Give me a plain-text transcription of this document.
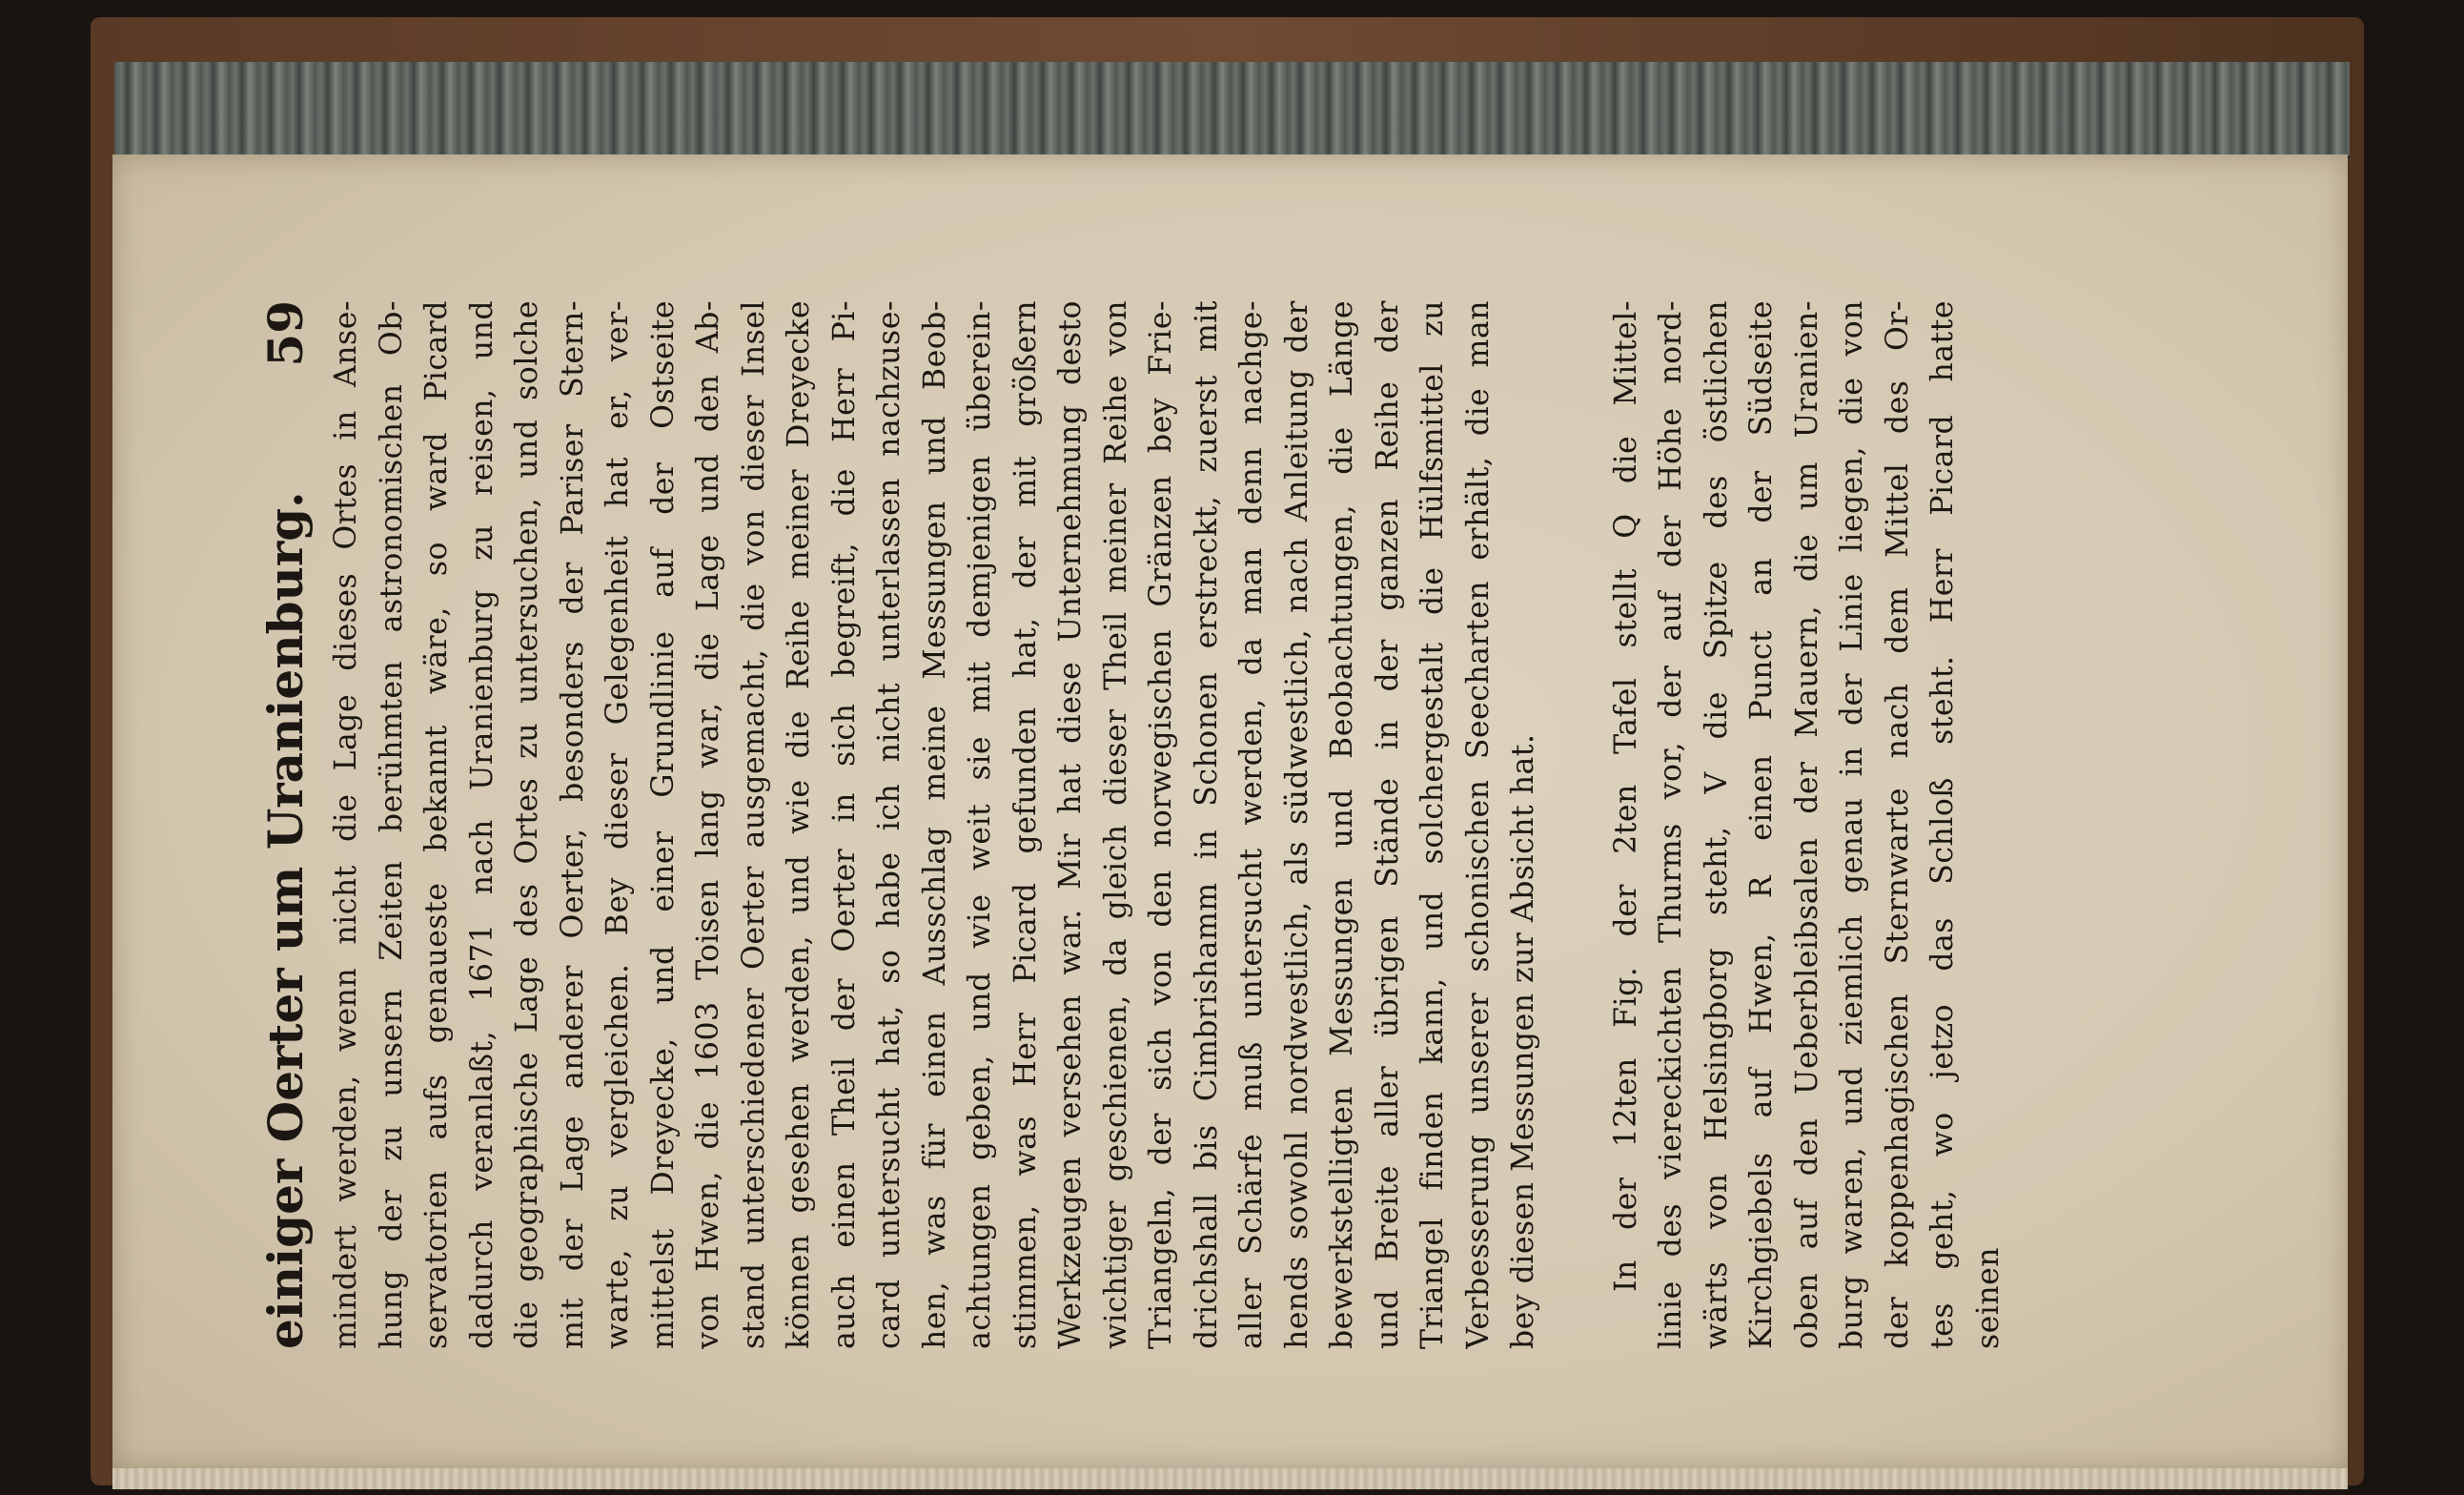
einiger Oerter um Uranienburg.
59 mindert werden, wenn nicht die Lage dieses Ortes in Anse- hung der zu unsern Zeiten berühmten astronomischen Ob- servatorien aufs genaueste bekannt wäre, so ward Picard dadurch veranlaßt, 1671 nach Uranienburg zu reisen, und die geographische Lage des Ortes zu untersuchen, und solche mit der Lage anderer Oerter, besonders der Pariser Stern- warte, zu vergleichen. Bey dieser Gelegenheit hat er, ver- mittelst Dreyecke, und einer Grundlinie auf der Ostseite von Hwen, die 1603 Toisen lang war, die Lage und den Ab- stand unterschiedener Oerter ausgemacht, die von dieser Insel können gesehen werden, und wie die Reihe meiner Dreyecke auch einen Theil der Oerter in sich begreift, die Herr Pi- card untersucht hat, so habe ich nicht unterlassen nachzuse- hen, was für einen Ausschlag meine Messungen und Beob- achtungen geben, und wie weit sie mit demjenigen überein- stimmen, was Herr Picard gefunden hat, der mit größern Werkzeugen versehen war. Mir hat diese Unternehmung desto wichtiger geschienen, da gleich dieser Theil meiner Reihe von Triangeln, der sich von den norwegischen Gränzen bey Frie- drichshall bis Cimbrishamm in Schonen erstreckt, zuerst mit aller Schärfe muß untersucht werden, da man denn nachge- hends sowohl nordwestlich, als südwestlich, nach Anleitung der bewerkstelligten Messungen und Beobachtungen, die Länge und Breite aller übrigen Stände in der ganzen Reihe der Triangel finden kann, und solchergestalt die Hülfsmittel zu Verbesserung unserer schonischen Seecharten erhält, die man bey diesen Messungen zur Absicht hat. In der 12ten Fig. der 2ten Tafel stellt Q die Mittel- linie des viereckichten Thurms vor, der auf der Höhe nord- wärts von Helsingborg steht, V die Spitze des östlichen Kirchgiebels auf Hwen, R einen Punct an der Südseite oben auf den Ueberbleibsalen der Mauern, die um Uranien- burg waren, und ziemlich genau in der Linie liegen, die von der koppenhagischen Sternwarte nach dem Mittel des Or- tes geht, wo jetzo das Schloß steht. Herr Picard hatte seinen
